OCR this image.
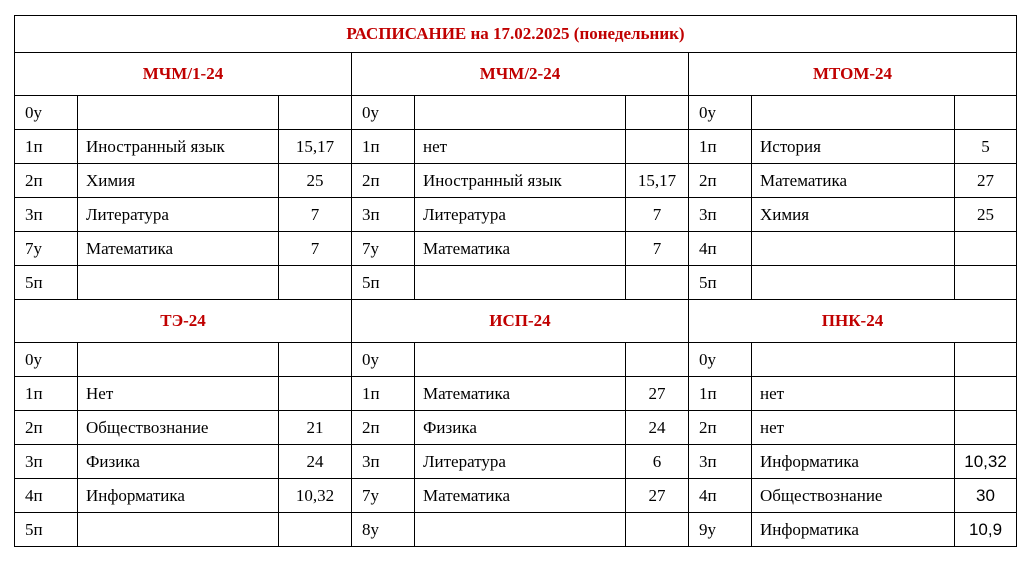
РАСПИСАНИЕ на 17.02.2025 (понедельник)								
МЧМ/1-24			МЧМ/2-24			МТОМ-24		
0у			0у			0у		
1п	Иностранный язык	15,17	1п	нет		1п	История	5
2п	Химия	25	2п	Иностранный язык	15,17	2п	Математика	27
3п	Литература	7	3п	Литература	7	3п	Химия	25
7у	Математика	7	7у	Математика	7	4п		
5п			5п			5п		
ТЭ-24			ИСП-24			ПНК-24		
0у			0у			0у		
1п	Нет		1п	Математика	27	1п	нет	
2п	Обществознание	21	2п	Физика	24	2п	нет	
3п	Физика	24	3п	Литература	6	3п	Информатика	10,32
4п	Информатика	10,32	7у	Математика	27	4п	Обществознание	30
5п			8у			9у	Информатика	10,9
